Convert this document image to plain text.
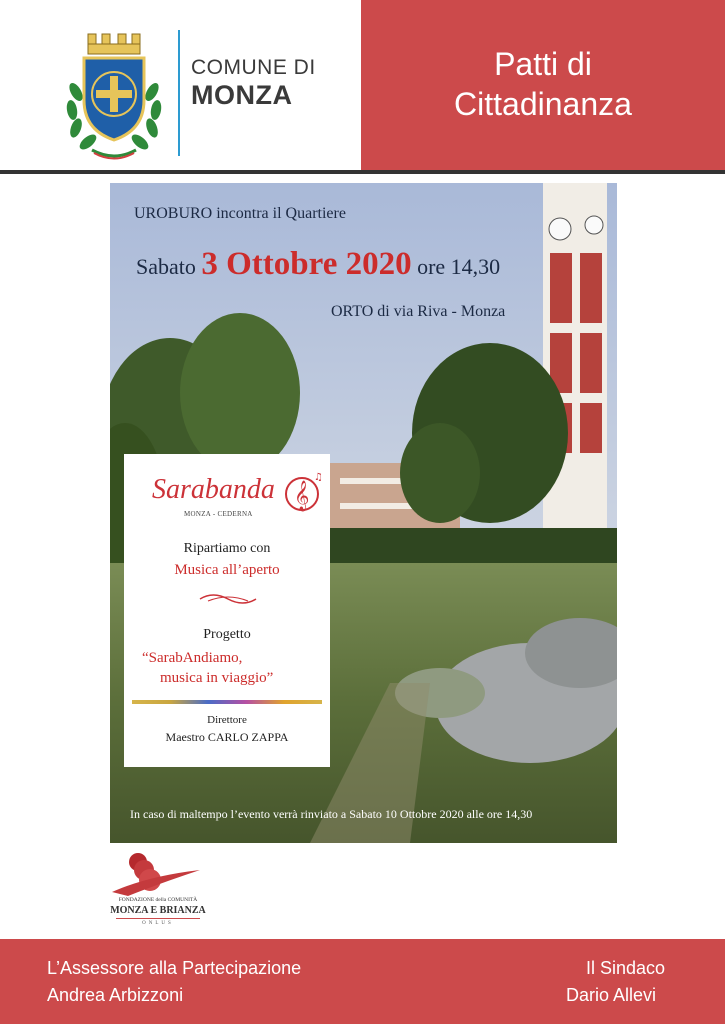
COMUNE DI
MONZA
Patti di
Cittadinanza
UROBURO incontra il Quartiere
Sabato 3 Ottobre 2020 ore 14,30
ORTO di via Riva - Monza
Sarabanda
MONZA - CEDERNA
𝄞
♫
Ripartiamo con
Musica all’aperto
Progetto
“SarabAndiamo,
musica in viaggio”
Direttore
Maestro CARLO ZAPPA
In caso di maltempo l’evento verrà rinviato a Sabato 10 Ottobre 2020 alle ore 14,30
FONDAZIONE della COMUNITÀ
MONZA E BRIANZA
ONLUS
L’Assessore alla Partecipazione
Andrea Arbizzoni
Il Sindaco
Dario Allevi
